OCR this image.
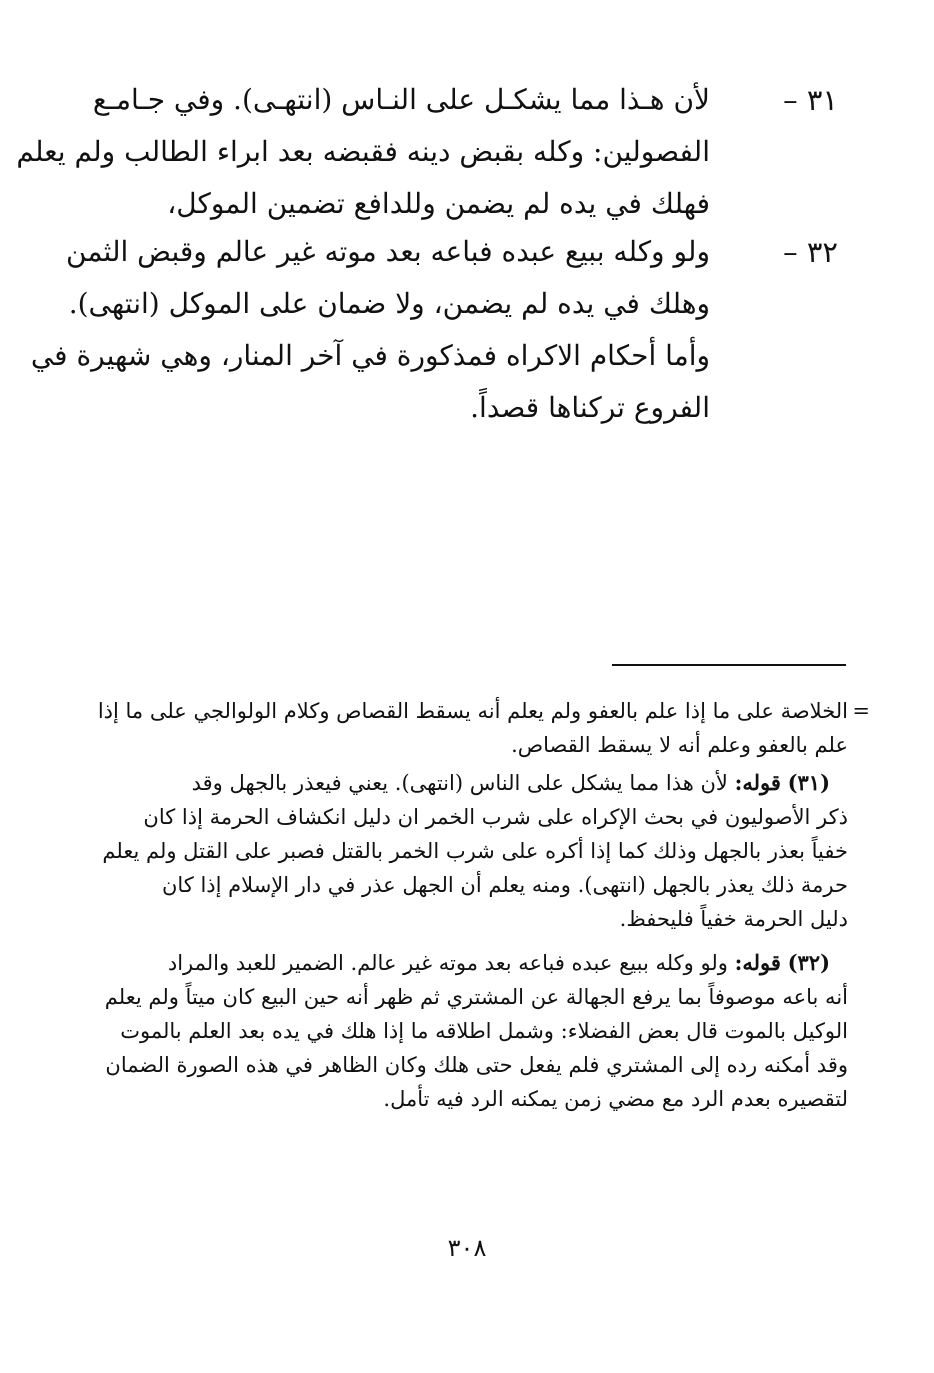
٣١ –

لأن هـذا مما يشكـل على النـاس (انتهـى). وفي جـامـع

الفصولين: وكله بقبض دينه فقبضه بعد ابراء الطالب ولم يعلم

فهلك في يده لم يضمن وللدافع تضمين الموكل،

٣٢ –

ولو وكله ببيع عبده فباعه بعد موته غير عالم وقبض الثمن

وهلك في يده لم يضمن، ولا ضمان على الموكل (انتهى).

وأما أحكام الاكراه فمذكورة في آخر المنار، وهي شهيرة في

الفروع تركناها قصداً.

=

الخلاصة على ما إذا علم بالعفو ولم يعلم أنه يسقط القصاص وكلام الولوالجي على ما إذا

علم بالعفو وعلم أنه لا يسقط القصاص.

(٣١) قوله: لأن هذا مما يشكل على الناس (انتهى). يعني فيعذر بالجهل وقد

ذكر الأصوليون في بحث الإكراه على شرب الخمر ان دليل انكشاف الحرمة إذا كان

خفياً بعذر بالجهل وذلك كما إذا أكره على شرب الخمر بالقتل فصبر على القتل ولم يعلم

حرمة ذلك يعذر بالجهل (انتهى). ومنه يعلم أن الجهل عذر في دار الإسلام إذا كان

دليل الحرمة خفياً فليحفظ.

(٣٢) قوله: ولو وكله ببيع عبده فباعه بعد موته غير عالم. الضمير للعبد والمراد

أنه باعه موصوفاً بما يرفع الجهالة عن المشتري ثم ظهر أنه حين البيع كان ميتاً ولم يعلم

الوكيل بالموت قال بعض الفضلاء: وشمل اطلاقه ما إذا هلك في يده بعد العلم بالموت

وقد أمكنه رده إلى المشتري فلم يفعل حتى هلك وكان الظاهر في هذه الصورة الضمان

لتقصيره بعدم الرد مع مضي زمن يمكنه الرد فيه تأمل.

٣٠٨
